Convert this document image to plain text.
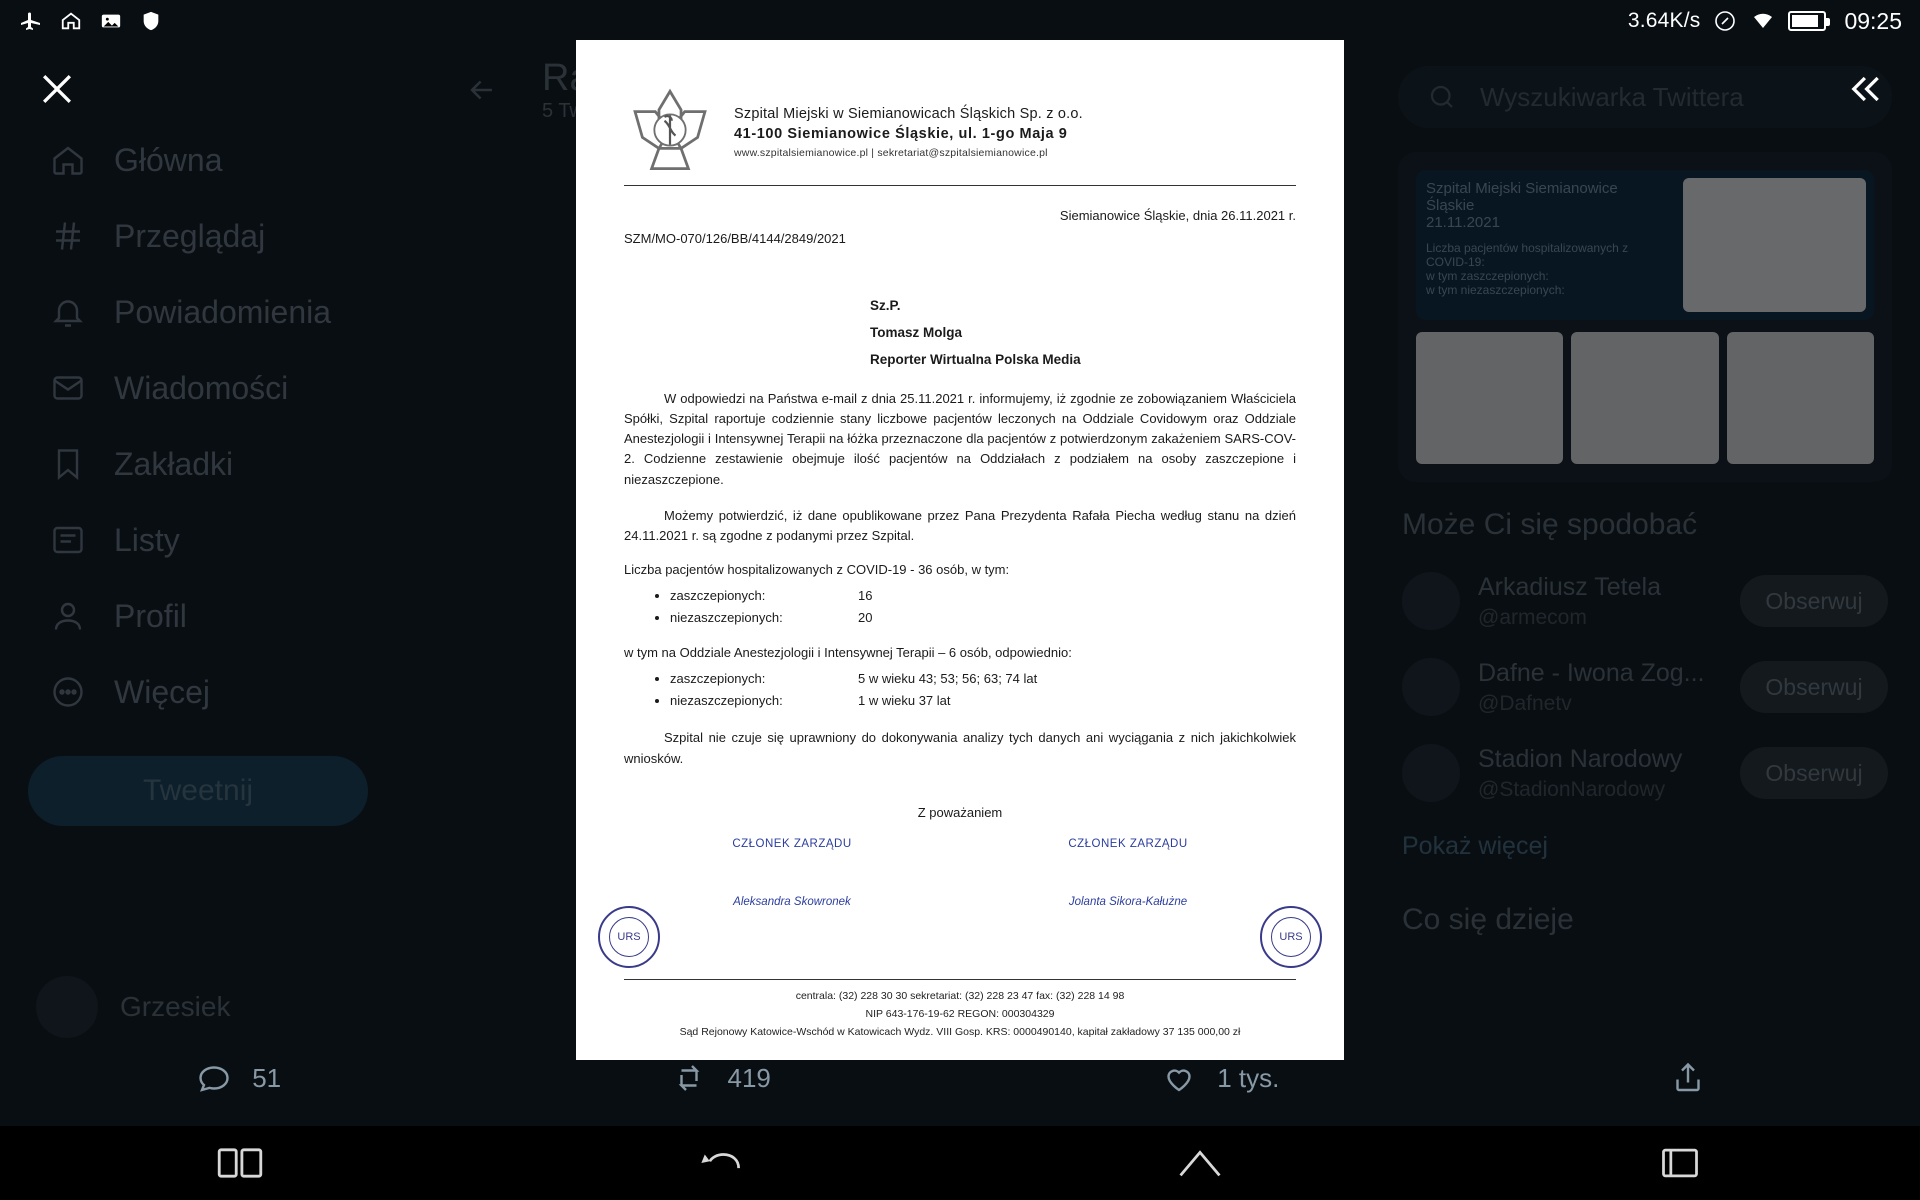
3.64K/s	09:25
Szpital Miejski w Siemianowicach Śląskich Sp. z o.o.
41-100 Siemianowice Śląskie, ul. 1-go Maja 9
www.szpitalsiemianowice.pl | sekretariat@szpitalsiemianowice.pl
Siemianowice Śląskie, dnia 26.11.2021 r.
SZM/MO-070/126/BB/4144/2849/2021
Sz.P.
Tomasz Molga
Reporter Wirtualna Polska Media
W odpowiedzi na Państwa e-mail z dnia 25.11.2021 r. informujemy, iż zgodnie ze zobowiązaniem Właściciela Spółki, Szpital raportuje codziennie stany liczbowe pacjentów leczonych na Oddziale Covidowym oraz Oddziale Anestezjologii i Intensywnej Terapii na łóżka przeznaczone dla pacjentów z potwierdzonym zakażeniem SARS-COV-2. Codzienne zestawienie obejmuje ilość pacjentów na Oddziałach z podziałem na osoby zaszczepione i niezaszczepione.
Możemy potwierdzić, iż dane opublikowane przez Pana Prezydenta Rafała Piecha według stanu na dzień 24.11.2021 r. są zgodne z podanymi przez Szpital.
Liczba pacjentów hospitalizowanych z COVID-19 - 36 osób, w tym:
• zaszczepionych:	16
• niezaszczepionych:	20
w tym na Oddziale Anestezjologii i Intensywnej Terapii – 6 osób, odpowiednio:
• zaszczepionych:	5 w wieku 43; 53; 56; 63; 74 lat
• niezaszczepionych:	1 w wieku 37 lat
Szpital nie czuje się uprawniony do dokonywania analizy tych danych ani wyciągania z nich jakichkolwiek wniosków.
Z poważaniem
CZŁONEK ZARZĄDU
Aleksandra Skowronek
CZŁONEK ZARZĄDU
Jolanta Sikora-Kałużne
URS	URS
centrala: (32) 228 30 30 sekretariat: (32) 228 23 47 fax: (32) 228 14 98
NIP 643-176-19-62 REGON: 000304329
Sąd Rejonowy Katowice-Wschód w Katowicach Wydz. VIII Gosp. KRS: 0000490140, kapitał zakładowy 37 135 000,00 zł
51	419	1 tys.
